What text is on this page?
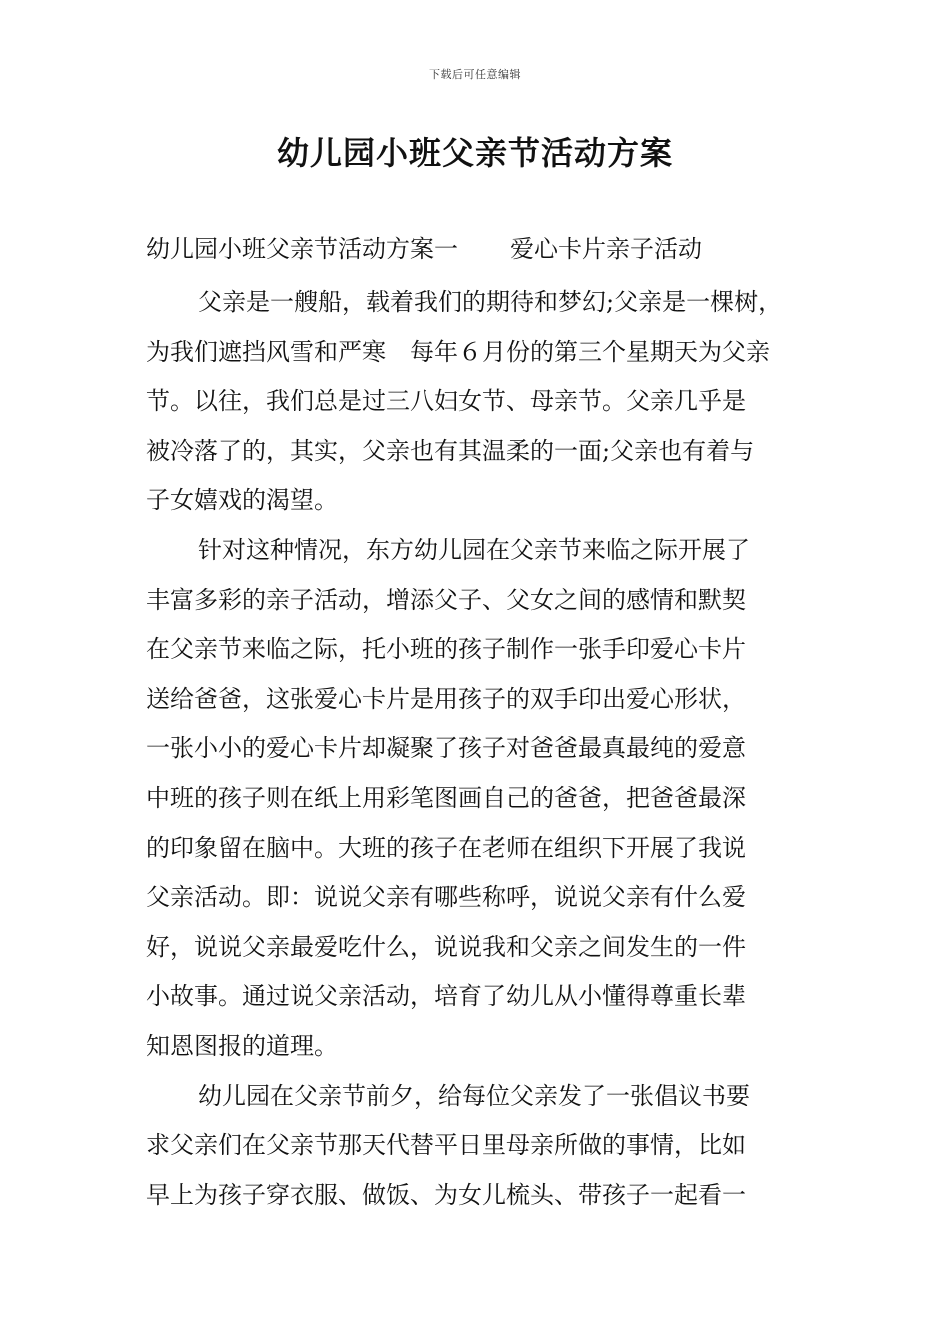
下载后可任意编辑
幼儿园小班父亲节活动方案
幼儿园小班父亲节活动方案一 爱心卡片亲子活动
父亲是一艘船，载着我们的期待和梦幻;父亲是一棵树，
为我们遮挡风雪和严寒　每年６月份的第三个星期天为父亲
节。以往，我们总是过三八妇女节、母亲节。父亲几乎是
被冷落了的，其实，父亲也有其温柔的一面;父亲也有着与
子女嬉戏的渴望。
针对这种情况，东方幼儿园在父亲节来临之际开展了
丰富多彩的亲子活动，增添父子、父女之间的感情和默契
在父亲节来临之际，托小班的孩子制作一张手印爱心卡片
送给爸爸，这张爱心卡片是用孩子的双手印出爱心形状，
一张小小的爱心卡片却凝聚了孩子对爸爸最真最纯的爱意
中班的孩子则在纸上用彩笔图画自己的爸爸，把爸爸最深
的印象留在脑中。大班的孩子在老师在组织下开展了我说
父亲活动。即：说说父亲有哪些称呼，说说父亲有什么爱
好，说说父亲最爱吃什么，说说我和父亲之间发生的一件
小故事。通过说父亲活动，培育了幼儿从小懂得尊重长辈
知恩图报的道理。
幼儿园在父亲节前夕，给每位父亲发了一张倡议书要
求父亲们在父亲节那天代替平日里母亲所做的事情，比如
早上为孩子穿衣服、做饭、为女儿梳头、带孩子一起看一
